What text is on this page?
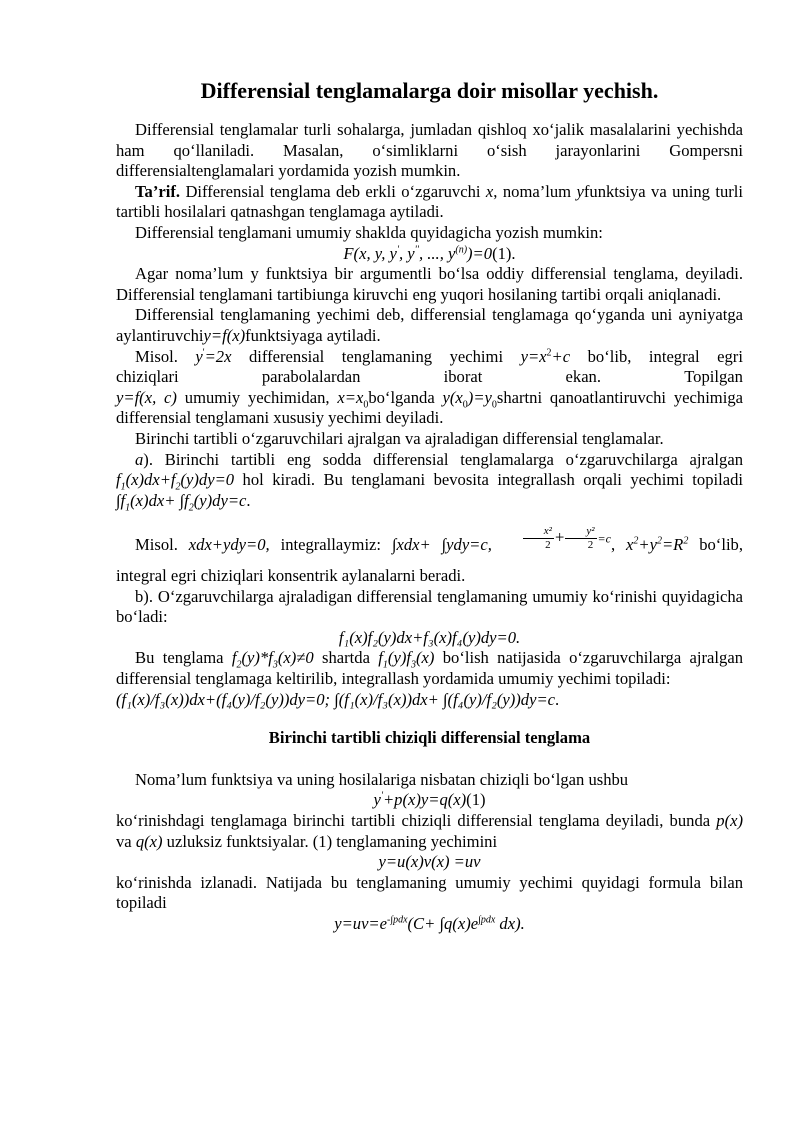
Differensial tenglamalarga doir misollar yechish.

Differensial tenglamalar turli sohalarga, jumladan qishloq xo‘jalik masalalarini yechishda ham qo‘llaniladi. Masalan, o‘simliklarni o‘sish jarayonlarini Gompersni differensialtenglamalari yordamida yozish mumkin.

Ta’rif. Differensial tenglama deb erkli o‘zgaruvchi x, noma’lum yfunktsiya va uning turli tartibli hosilalari qatnashgan tenglamaga aytiladi.

Differensial tenglamani umumiy shaklda quyidagicha yozish mumkin:

F(x, y, y', y'', ..., $y^{(n)})=0(1)$.

Agar noma’lum y funktsiya bir argumentli bo‘lsa oddiy differensial tenglama, deyiladi. Differensial tenglamani tartibiunga kiruvchi eng yuqori hosilaning tartibi orqali aniqlanadi.

Differensial tenglamaning yechimi deb, differensial tenglamaga qo‘yganda uni ayniyatga aylantiruvchiy=f(x)funktsiyaga aytiladi.

Misol. y'=2x differensial tenglamaning yechimi $y=x^2+c$ bo‘lib, integral egri

chiziqlari	parabolalardan	iborat	ekan.	Topilgan

y=f(x, c) umumiy yechimidan, $x=x_0bo‘lganda$ $y(x_0)=y_0shartni$ qanoatlantiruvchi yechimiga differensial tenglamani xususiy yechimi deyiladi.

Birinchi tartibli o‘zgaruvchilari ajralgan va ajraladigan differensial tenglamalar.

a). Birinchi tartibli eng sodda differensial tenglamalarga o‘zgaruvchilarga ajralgan $f_1(x)dx+f_2(y)dy=0$ hol kiradi. Bu tenglamani bevosita integrallash orqali yechimi topiladi $\int f_1(x)dx+ \int f_2(y)dy=c$.

Misol. xdx+ydy=0, integrallaymiz: ∫xdx+ ∫ydy=c,	$\frac{\text{x²}}{2} + \frac{\text{y²}}{2} =c$, $x^2+y^2=R^2$ bo‘lib, integral egri chiziqlari konsentrik aylanalarni beradi.

b). O‘zgaruvchilarga ajraladigan differensial tenglamaning umumiy ko‘rinishi quyidagicha bo‘ladi:

f₁(x)f₂(y)dx+f₃(x)f₄(y)dy=0.

Bu tenglama $f_2(y)*f_3(x)\ne 0$ shartda $f_1(y)f_3(x)$ bo‘lish natijasida o‘zgaruvchilarga ajralgan differensial tenglamaga keltirilib, integrallash yordamida umumiy yechimi topiladi:

(f₁(x)/f₃(x))dx+(f₄(y)/f₂(y))dy=0; ∫(f₁(x)/f₃(x))dx+ ∫(f₄(y)/f₂(y))dy=c.

Birinchi tartibli chiziqli differensial tenglama

Noma’lum funktsiya va uning hosilalariga nisbatan chiziqli bo‘lgan ushbu

y'+p(x)y=q(x)(1)

ko‘rinishdagi tenglamaga birinchi tartibli chiziqli differensial tenglama deyiladi, bunda p(x) va q(x) uzluksiz funktsiyalar. (1) tenglamaning yechimini

y=u(x)v(x) =uv

ko‘rinishda izlanadi. Natijada bu tenglamaning umumiy yechimi quyidagi formula bilan topiladi

$y=uv=e^{-\int pdx}(C+ \int q(x)e^{\int pdx}$ dx).
